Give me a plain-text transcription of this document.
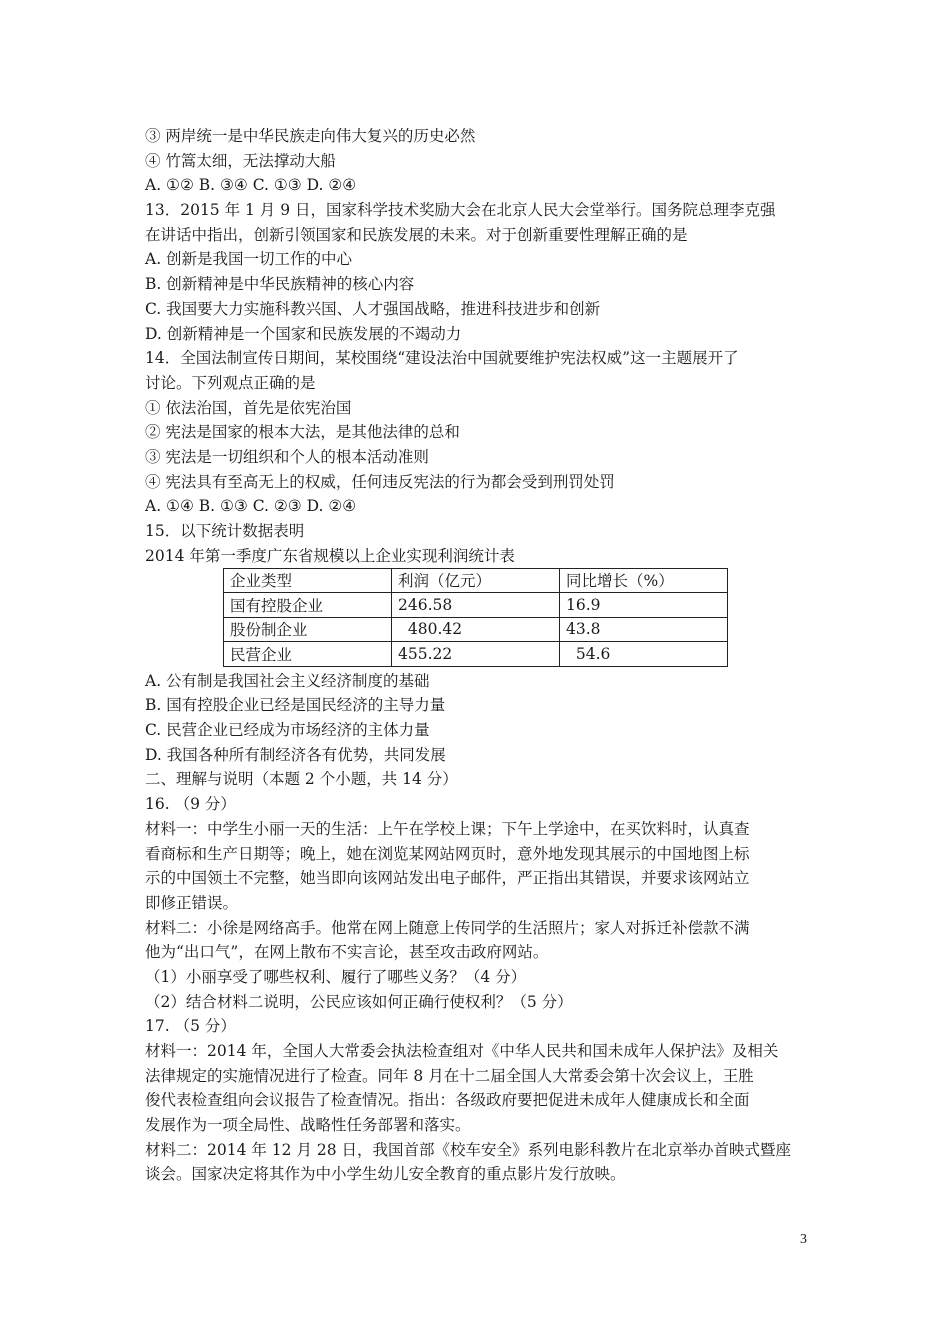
③ 两岸统一是中华民族走向伟大复兴的历史必然
④ 竹篙太细，无法撑动大船
A. ①② B. ③④ C. ①③ D. ②④
13．2015 年 1 月 9 日，国家科学技术奖励大会在北京人民大会堂举行。国务院总理李克强
在讲话中指出，创新引领国家和民族发展的未来。对于创新重要性理解正确的是
A. 创新是我国一切工作的中心
B. 创新精神是中华民族精神的核心内容
C. 我国要大力实施科教兴国、人才强国战略，推进科技进步和创新
D. 创新精神是一个国家和民族发展的不竭动力
14．全国法制宣传日期间，某校围绕“建设法治中国就要维护宪法权威”这一主题展开了
讨论。下列观点正确的是
① 依法治国，首先是依宪治国
② 宪法是国家的根本大法，是其他法律的总和
③ 宪法是一切组织和个人的根本活动准则
④ 宪法具有至高无上的权威，任何违反宪法的行为都会受到刑罚处罚
A. ①④ B. ①③ C. ②③ D. ②④
15．以下统计数据表明
2014 年第一季度广东省规模以上企业实现利润统计表
企业类型	利润（亿元）	同比增长（%）
国有控股企业	246.58	16.9
股份制企业	480.42	43.8
民营企业	455.22	54.6
A. 公有制是我国社会主义经济制度的基础
B. 国有控股企业已经是国民经济的主导力量
C. 民营企业已经成为市场经济的主体力量
D. 我国各种所有制经济各有优势，共同发展
二、理解与说明（本题 2 个小题，共 14 分）
16. （9 分）
材料一：中学生小丽一天的生活：上午在学校上课；下午上学途中，在买饮料时，认真查
看商标和生产日期等；晚上，她在浏览某网站网页时，意外地发现其展示的中国地图上标
示的中国领土不完整，她当即向该网站发出电子邮件，严正指出其错误，并要求该网站立
即修正错误。
材料二：小徐是网络高手。他常在网上随意上传同学的生活照片；家人对拆迁补偿款不满
他为“出口气”，在网上散布不实言论，甚至攻击政府网站。
（1）小丽享受了哪些权利、履行了哪些义务？（4 分）
（2）结合材料二说明，公民应该如何正确行使权利？（5 分）
17. （5 分）
材料一：2014 年，全国人大常委会执法检查组对《中华人民共和国未成年人保护法》及相关
法律规定的实施情况进行了检查。同年 8 月在十二届全国人大常委会第十次会议上，王胜
俊代表检查组向会议报告了检查情况。指出：各级政府要把促进未成年人健康成长和全面
发展作为一项全局性、战略性任务部署和落实。
材料二：2014 年 12 月 28 日，我国首部《校车安全》系列电影科教片在北京举办首映式暨座
谈会。国家决定将其作为中小学生幼儿安全教育的重点影片发行放映。
3
